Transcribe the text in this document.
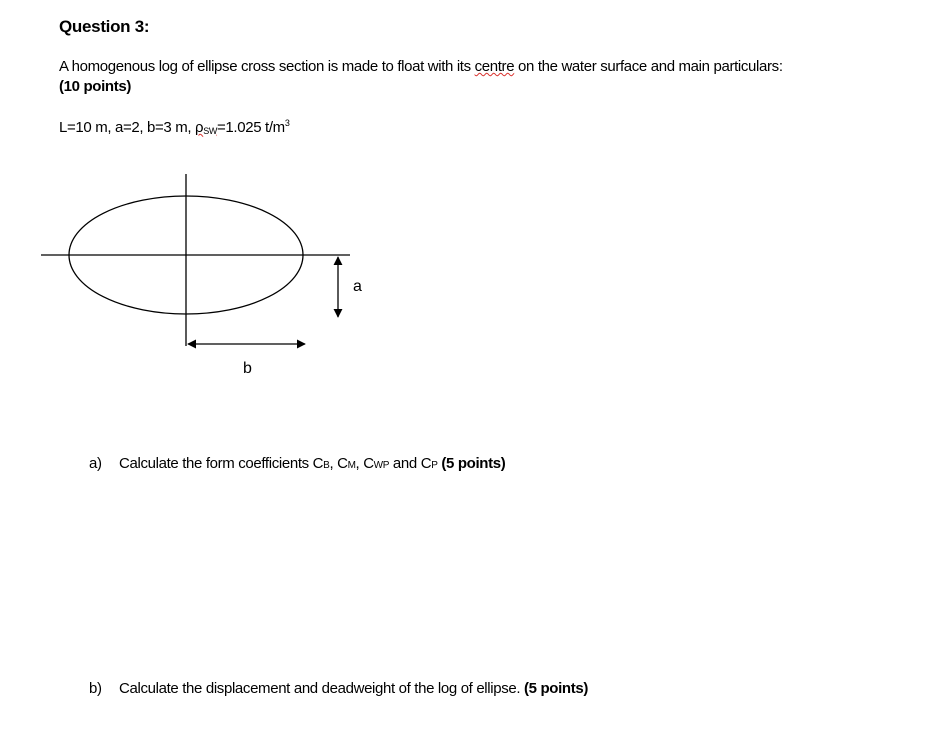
Question 3:
A homogenous log of ellipse cross section is made to float with its centre on the water surface and main particulars:
(10 points)
L=10 m, a=2, b=3 m, $\rho_{SW}=1.025$ $t/m^3$
a
b
a) Calculate the form coefficients CB, CM, CWP and CP (5 points)
b) Calculate the displacement and deadweight of the log of ellipse. (5 points)
